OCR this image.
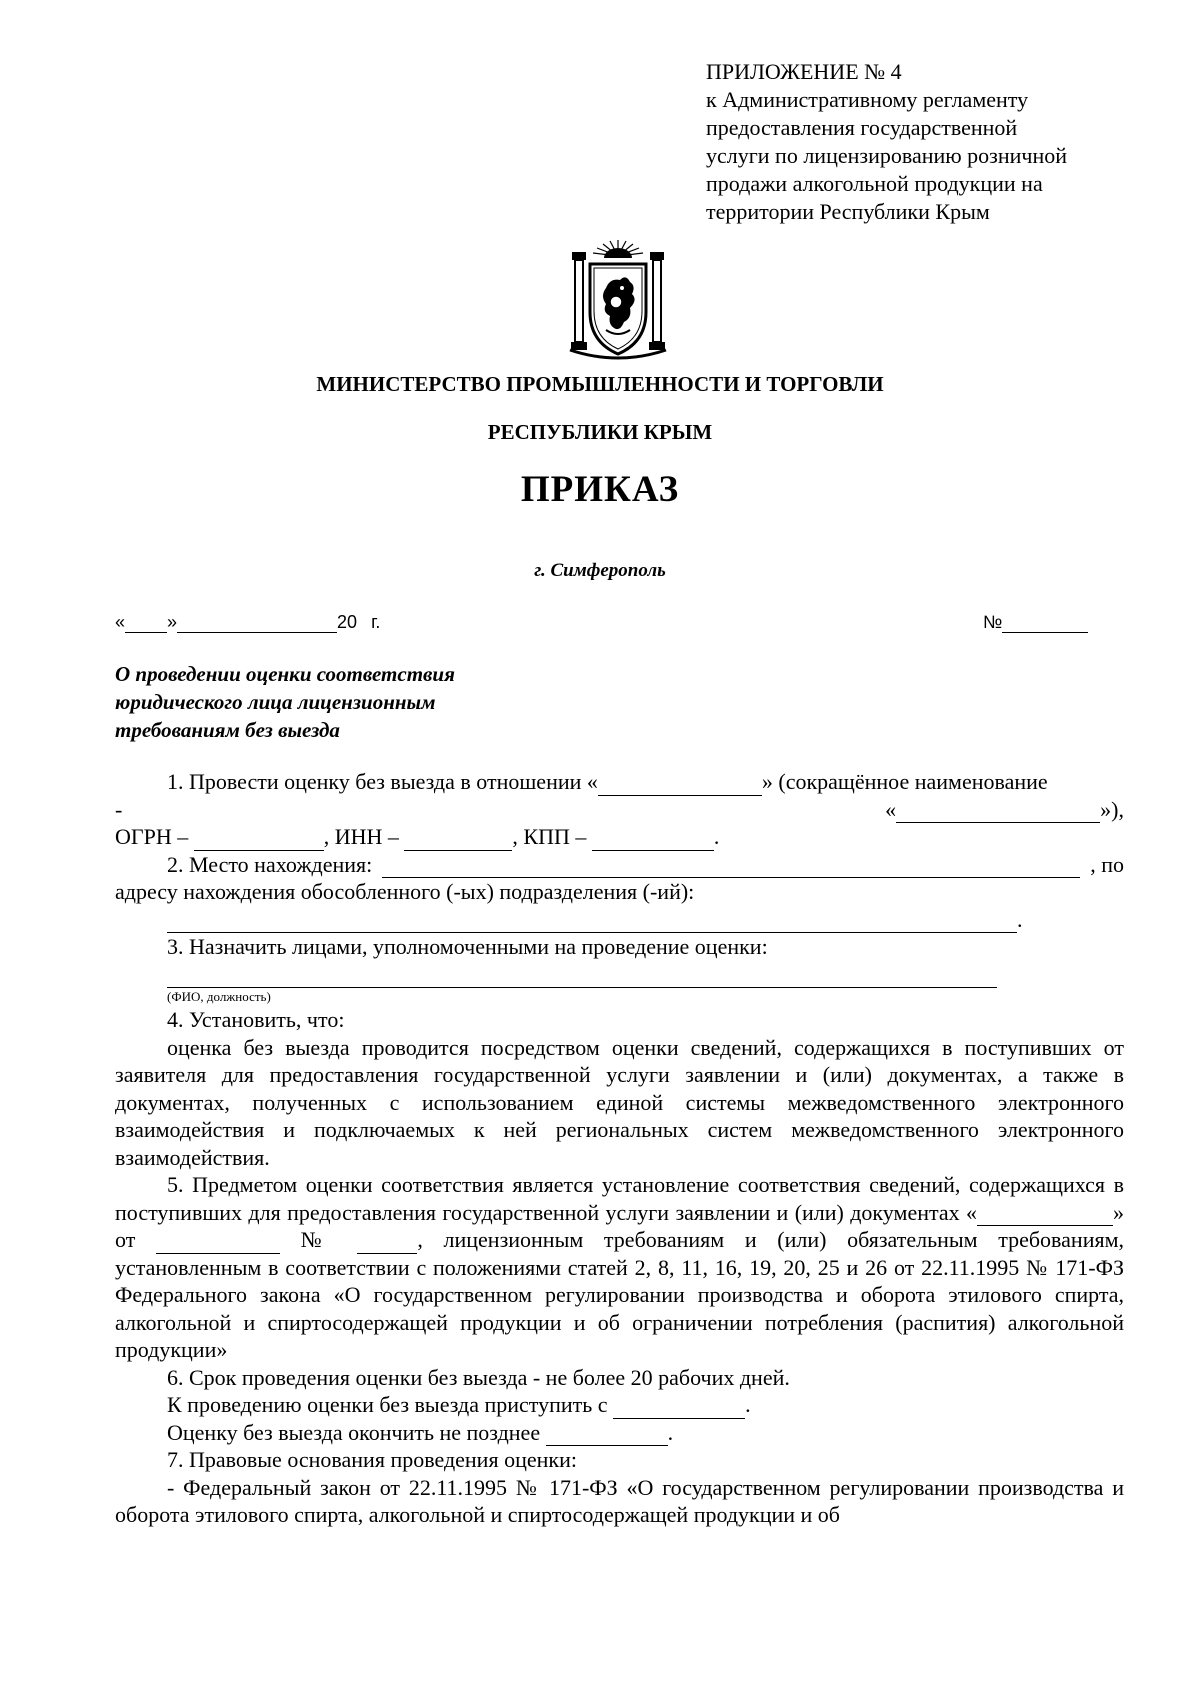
ПРИЛОЖЕНИЕ № 4
к Административному регламенту
предоставления государственной
услуги по лицензированию розничной
продажи алкогольной продукции на
территории Республики Крым
МИНИСТЕРСТВО ПРОМЫШЛЕННОСТИ И ТОРГОВЛИ
РЕСПУБЛИКИ КРЫМ
ПРИКАЗ
г. Симферополь
« »	20 г.	№
О проведении оценки соответствия
юридического лица лицензионным
требованиям без выезда
1. Провести оценку без выезда в отношении «	» (сокращённое наименование
-	«	»),
ОГРН –	, ИНН –	, КПП –	.
2. Место нахождения:	, по
адресу нахождения обособленного (-ых) подразделения (-ий):
.
3. Назначить лицами, уполномоченными на проведение оценки:
(ФИО, должность)
4. Установить, что:
оценка без выезда проводится посредством оценки сведений, содержащихся в поступивших от заявителя для предоставления государственной услуги заявлении и (или) документах, а также в документах, полученных с использованием единой системы межведомственного электронного взаимодействия и подключаемых к ней региональных систем межведомственного электронного взаимодействия.
5. Предметом оценки соответствия является установление соответствия сведений, содержащихся в поступивших для предоставления государственной услуги заявлении и (или) документах «	» от	№	, лицензионным требованиям и (или) обязательным требованиям, установленным в соответствии с положениями статей 2, 8, 11, 16, 19, 20, 25 и 26 от 22.11.1995 № 171-ФЗ Федерального закона «О государственном регулировании производства и оборота этилового спирта, алкогольной и спиртосодержащей продукции и об ограничении потребления (распития) алкогольной продукции»
6. Срок проведения оценки без выезда - не более 20 рабочих дней.
К проведению оценки без выезда приступить с	.
Оценку без выезда окончить не позднее	.
7. Правовые основания проведения оценки:
- Федеральный закон от 22.11.1995 № 171-ФЗ «О государственном регулировании производства и оборота этилового спирта, алкогольной и спиртосодержащей продукции и об
